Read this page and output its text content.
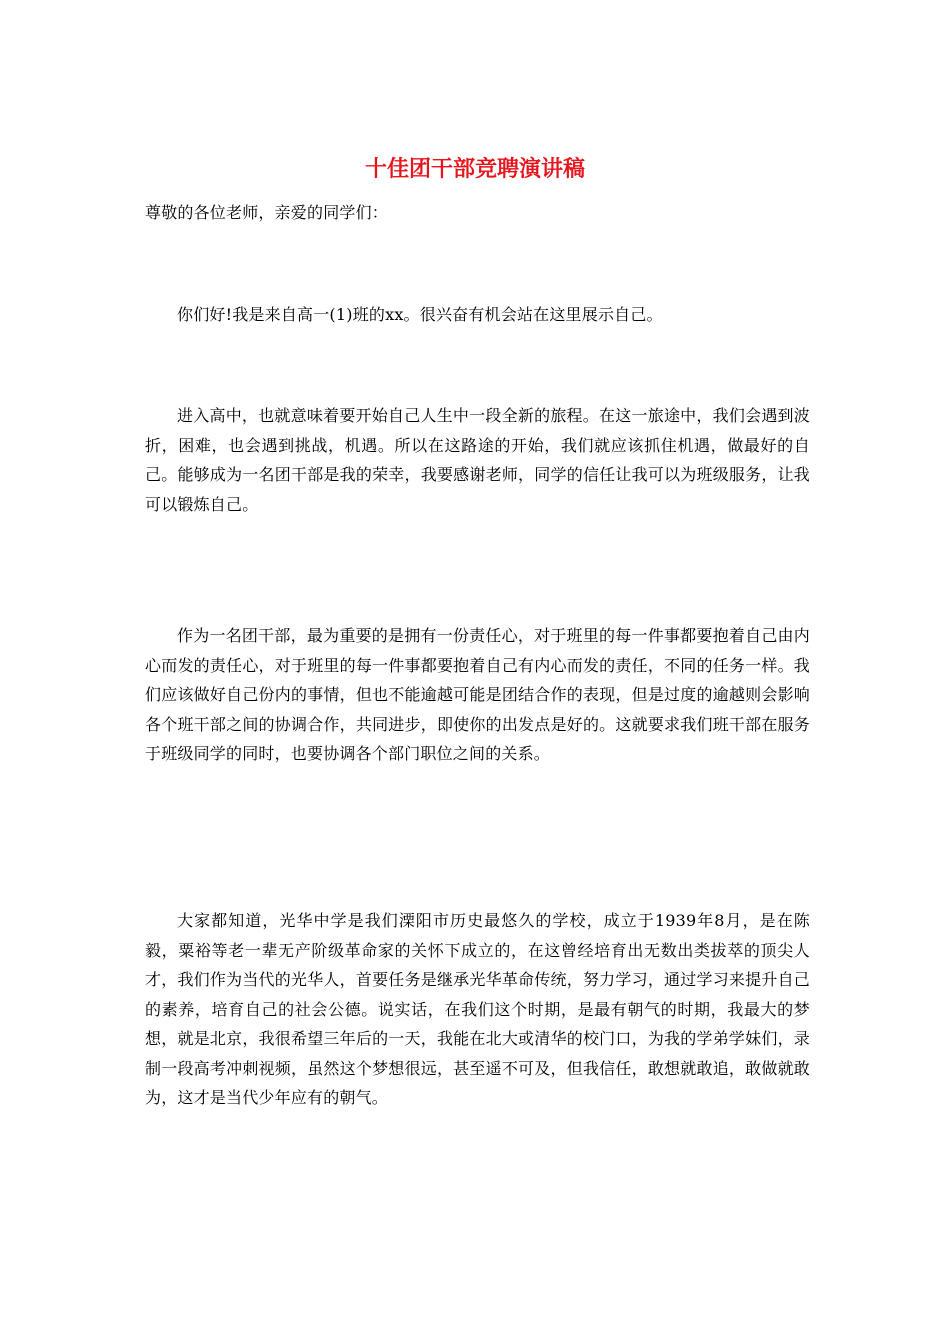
十佳团干部竞聘演讲稿

尊敬的各位老师，亲爱的同学们：

你们好!我是来自高一(1)班的xx。很兴奋有机会站在这里展示自己。

进入高中，也就意味着要开始自己人生中一段全新的旅程。在这一旅途中，我们会遇到波折，困难，也会遇到挑战，机遇。所以在这路途的开始，我们就应该抓住机遇，做最好的自己。能够成为一名团干部是我的荣幸，我要感谢老师，同学的信任让我可以为班级服务，让我可以锻炼自己。

作为一名团干部，最为重要的是拥有一份责任心，对于班里的每一件事都要抱着自己由内心而发的责任心，对于班里的每一件事都要抱着自己有内心而发的责任，不同的任务一样。我们应该做好自己份内的事情，但也不能逾越可能是团结合作的表现，但是过度的逾越则会影响各个班干部之间的协调合作，共同进步，即使你的出发点是好的。这就要求我们班干部在服务于班级同学的同时，也要协调各个部门职位之间的关系。

大家都知道，光华中学是我们溧阳市历史最悠久的学校，成立于1939年8月，是在陈毅，粟裕等老一辈无产阶级革命家的关怀下成立的，在这曾经培育出无数出类拔萃的顶尖人才，我们作为当代的光华人，首要任务是继承光华革命传统，努力学习，通过学习来提升自己的素养，培育自己的社会公德。说实话，在我们这个时期，是最有朝气的时期，我最大的梦想，就是北京，我很希望三年后的一天，我能在北大或清华的校门口，为我的学弟学妹们，录制一段高考冲刺视频，虽然这个梦想很远，甚至遥不可及，但我信任，敢想就敢追，敢做就敢为，这才是当代少年应有的朝气。
